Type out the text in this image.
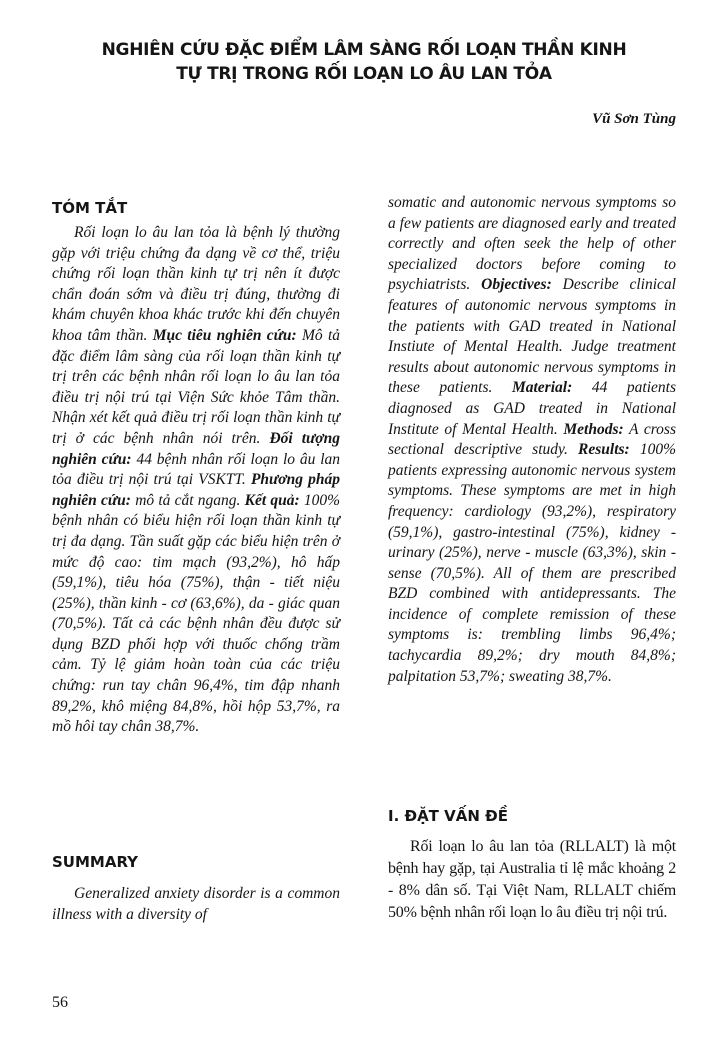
NGHIÊN CỨU ĐẶC ĐIỂM LÂM SÀNG RỐI LOẠN THẦN KINH
TỰ TRỊ TRONG RỐI LOẠN LO ÂU LAN TỎA
Vũ Sơn Tùng
TÓM TẮT

Rối loạn lo âu lan tỏa là bệnh lý thường gặp với triệu chứng đa dạng về cơ thể, triệu chứng rối loạn thần kinh tự trị nên ít được chẩn đoán sớm và điều trị đúng, thường đi khám chuyên khoa khác trước khi đến chuyên khoa tâm thần. Mục tiêu nghiên cứu: Mô tả đặc điểm lâm sàng của rối loạn thần kinh tự trị trên các bệnh nhân rối loạn lo âu lan tỏa điều trị nội trú tại Viện Sức khỏe Tâm thần. Nhận xét kết quả điều trị rối loạn thần kinh tự trị ở các bệnh nhân nói trên. Đối tượng nghiên cứu: 44 bệnh nhân rối loạn lo âu lan tỏa điều trị nội trú tại VSKTT. Phương pháp nghiên cứu: mô tả cắt ngang. Kết quả: 100% bệnh nhân có biểu hiện rối loạn thần kinh tự trị đa dạng. Tần suất gặp các biểu hiện trên ở mức độ cao: tim mạch (93,2%), hô hấp (59,1%), tiêu hóa (75%), thận - tiết niệu (25%), thần kinh - cơ (63,6%), da - giác quan (70,5%). Tất cả các bệnh nhân đều được sử dụng BZD phối hợp với thuốc chống trầm cảm. Tỷ lệ giảm hoàn toàn của các triệu chứng: run tay chân 96,4%, tim đập nhanh 89,2%, khô miệng 84,8%, hồi hộp 53,7%, ra mồ hôi tay chân 38,7%.

SUMMARY

Generalized anxiety disorder is a common illness with a diversity of

somatic and autonomic nervous symptoms so a few patients are diagnosed early and treated correctly and often seek the help of other specialized doctors before coming to psychiatrists. Objectives: Describe clinical features of autonomic nervous symptoms in the patients with GAD treated in National Instiute of Mental Health. Judge treatment results about autonomic nervous symptoms in these patients. Material: 44 patients diagnosed as GAD treated in National Institute of Mental Health. Methods: A cross sectional descriptive study. Results: 100% patients expressing autonomic nervous system symptoms. These symptoms are met in high frequency: cardiology (93,2%), respiratory (59,1%), gastro-intestinal (75%), kidney - urinary (25%), nerve - muscle (63,3%), skin - sense (70,5%). All of them are prescribed BZD combined with antidepressants. The incidence of complete remission of these symptoms is: trembling limbs 96,4%; tachycardia 89,2%; dry mouth 84,8%; palpitation 53,7%; sweating 38,7%.

I. ĐẶT VẤN ĐỀ

Rối loạn lo âu lan tỏa (RLLALT) là một bệnh hay gặp, tại Australia tỉ lệ mắc khoảng 2 - 8% dân số. Tại Việt Nam, RLLALT chiếm 50% bệnh nhân rối loạn lo âu điều trị nội trú.

56
